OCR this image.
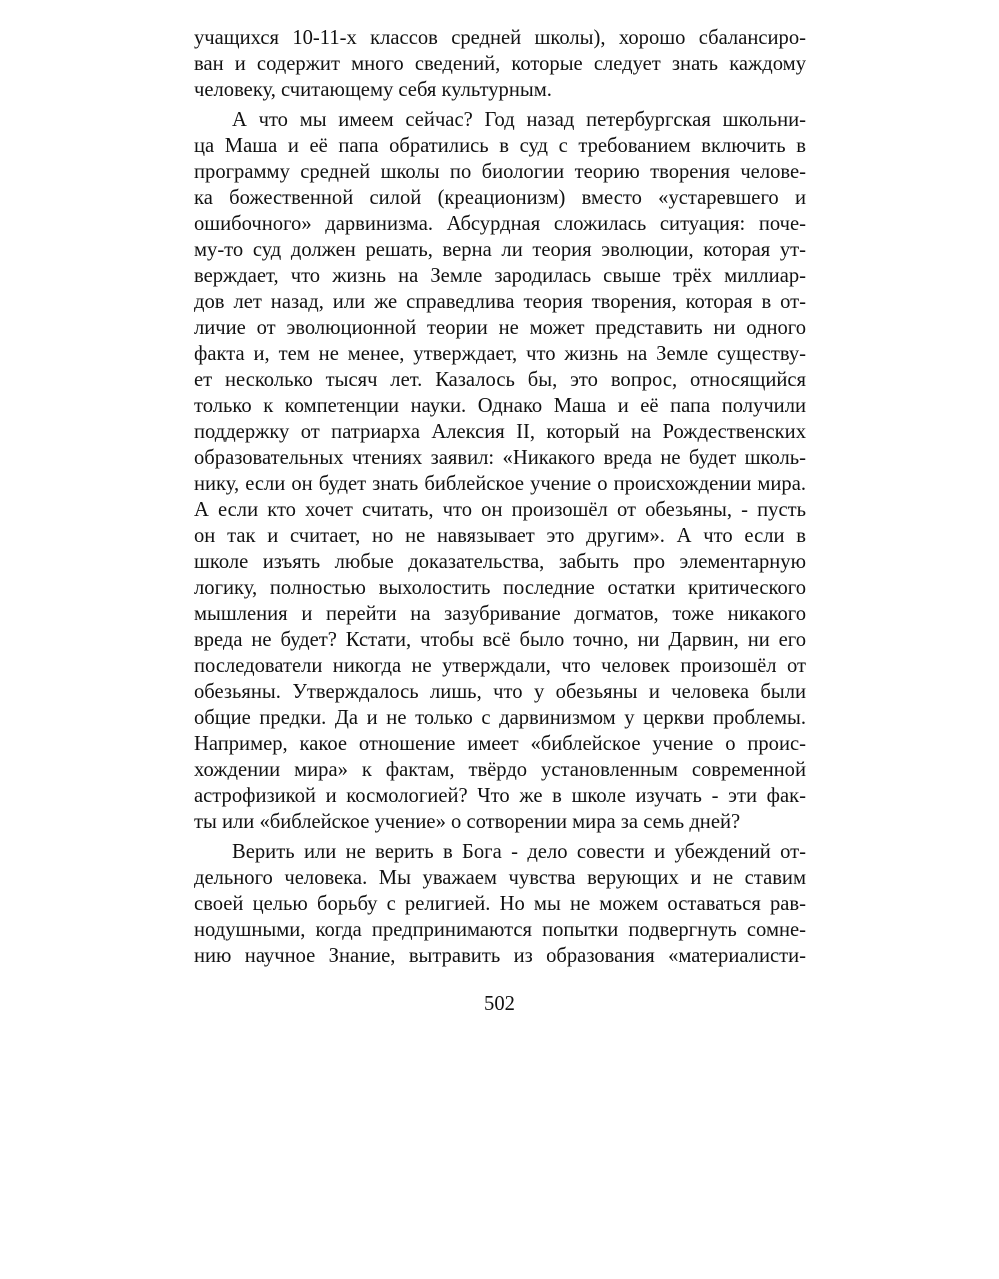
учащихся 10-11-х классов средней школы), хорошо сбалансиро-
ван и содержит много сведений, которые следует знать каждому
человеку, считающему себя культурным.
А что мы имеем сейчас? Год назад петербургская школьни-
ца Маша и её папа обратились в суд с требованием включить в
программу средней школы по биологии теорию творения челове-
ка божественной силой (креационизм) вместо «устаревшего и
ошибочного» дарвинизма. Абсурдная сложилась ситуация: поче-
му-то суд должен решать, верна ли теория эволюции, которая ут-
верждает, что жизнь на Земле зародилась свыше трёх миллиар-
дов лет назад, или же справедлива теория творения, которая в от-
личие от эволюционной теории не может представить ни одного
факта и, тем не менее, утверждает, что жизнь на Земле существу-
ет несколько тысяч лет. Казалось бы, это вопрос, относящийся
только к компетенции науки. Однако Маша и её папа получили
поддержку от патриарха Алексия II, который на Рождественских
образовательных чтениях заявил: «Никакого вреда не будет школь-
нику, если он будет знать библейское учение о происхождении мира.
А если кто хочет считать, что он произошёл от обезьяны, - пусть
он так и считает, но не навязывает это другим». А что если в
школе изъять любые доказательства, забыть про элементарную
логику, полностью выхолостить последние остатки критического
мышления и перейти на зазубривание догматов, тоже никакого
вреда не будет? Кстати, чтобы всё было точно, ни Дарвин, ни его
последователи никогда не утверждали, что человек произошёл от
обезьяны. Утверждалось лишь, что у обезьяны и человека были
общие предки. Да и не только с дарвинизмом у церкви проблемы.
Например, какое отношение имеет «библейское учение о проис-
хождении мира» к фактам, твёрдо установленным современной
астрофизикой и космологией? Что же в школе изучать - эти фак-
ты или «библейское учение» о сотворении мира за семь дней?
Верить или не верить в Бога - дело совести и убеждений от-
дельного человека. Мы уважаем чувства верующих и не ставим
своей целью борьбу с религией. Но мы не можем оставаться рав-
нодушными, когда предпринимаются попытки подвергнуть сомне-
нию научное Знание, вытравить из образования «материалисти-
502
